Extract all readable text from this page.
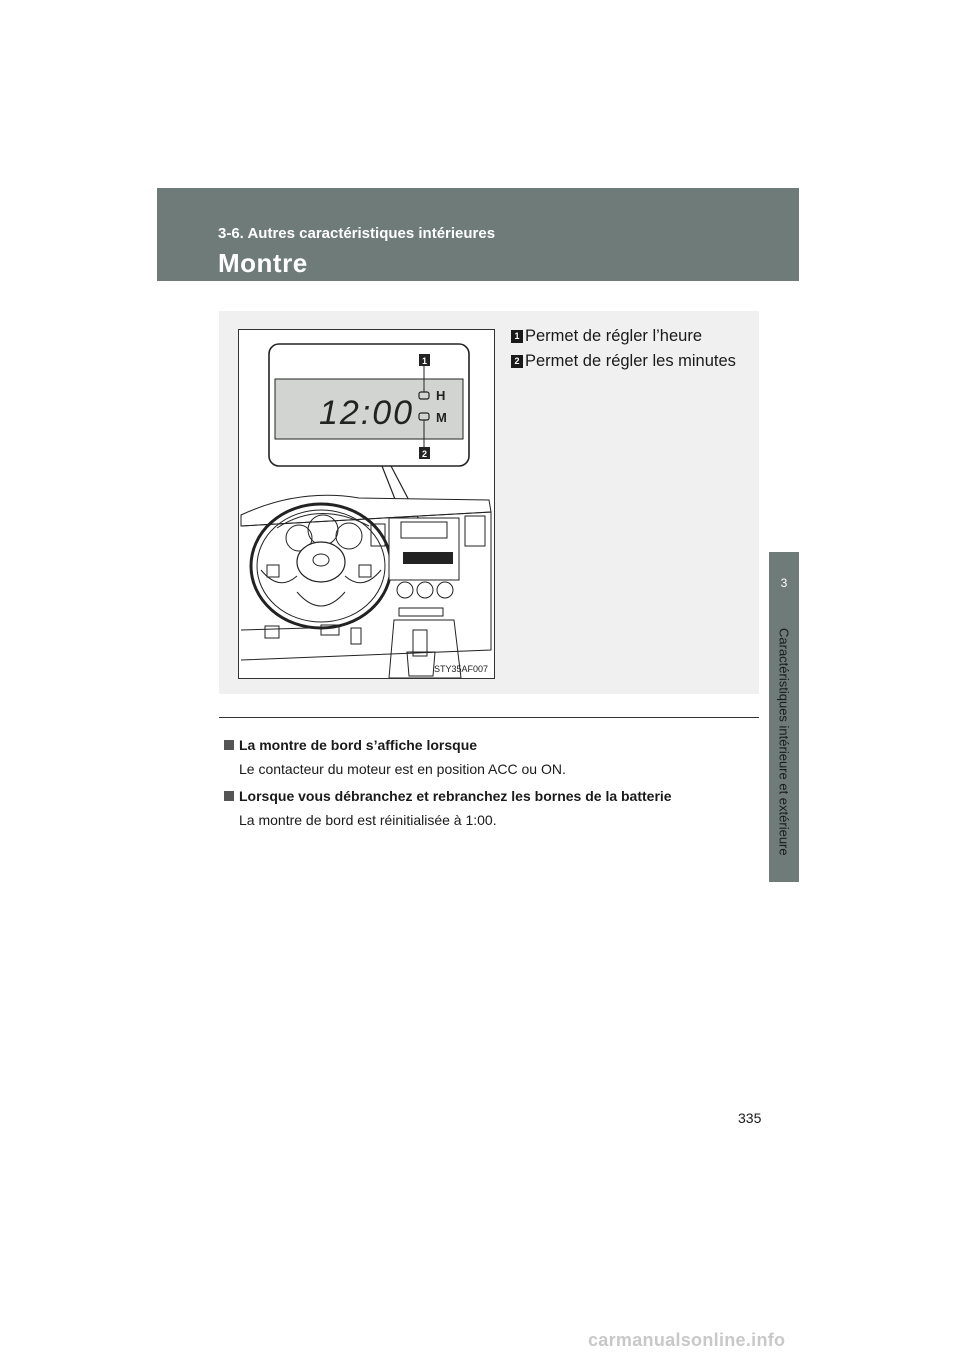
3-6. Autres caractéristiques intérieures
Montre
3
Caractéristiques intérieure et extérieure
12:00 H
M
1
2
STY35AF007
1 Permet de régler l’heure
2 Permet de régler les minutes
La montre de bord s’affiche lorsque
Le contacteur du moteur est en position ACC ou ON.
Lorsque vous débranchez et rebranchez les bornes de la batterie
La montre de bord est réinitialisée à 1:00.
335
carmanualsonline.info
